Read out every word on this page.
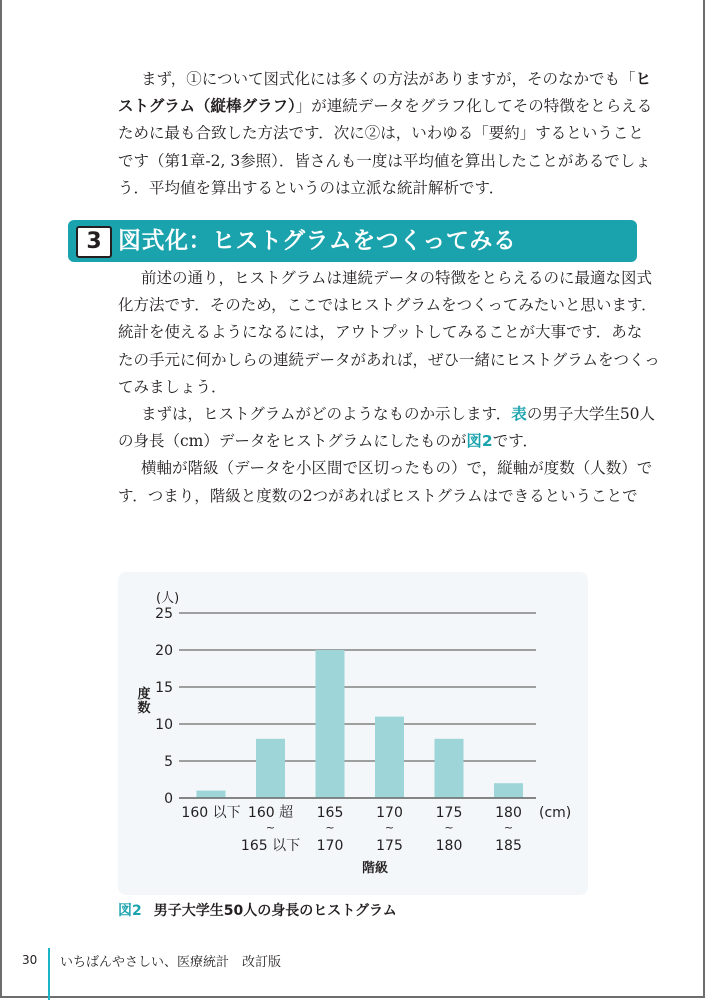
まず，①について図式化には多くの方法がありますが，そのなかでも「ヒ
ストグラム（縦棒グラフ）」が連続データをグラフ化してその特徴をとらえる
ために最も合致した方法です．次に②は，いわゆる「要約」するということ
です（第1章-2, 3参照）．皆さんも一度は平均値を算出したことがあるでしょ
う．平均値を算出するというのは立派な統計解析です．
3 図式化：ヒストグラムをつくってみる
前述の通り，ヒストグラムは連続データの特徴をとらえるのに最適な図式
化方法です．そのため，ここではヒストグラムをつくってみたいと思います．
統計を使えるようになるには，アウトプットしてみることが大事です．あな
たの手元に何かしらの連続データがあれば，ぜひ一緒にヒストグラムをつくっ
てみましょう．
まずは，ヒストグラムがどのようなものか示します．表の男子大学生50人
の身長（cm）データをヒストグラムにしたものが図2です．
横軸が階級（データを小区間で区切ったもの）で，縦軸が度数（人数）で
す．つまり，階級と度数の2つがあればヒストグラムはできるということで
0
5
10
15
20
25
160 以下 160 超
~
165 以下
165
~
170
170
~
175
175
~
180
180
~
185
(人)
(cm)
階級
度
数
図2 男子大学生50人の身長のヒストグラム
30 いちばんやさしい、医療統計　改訂版
